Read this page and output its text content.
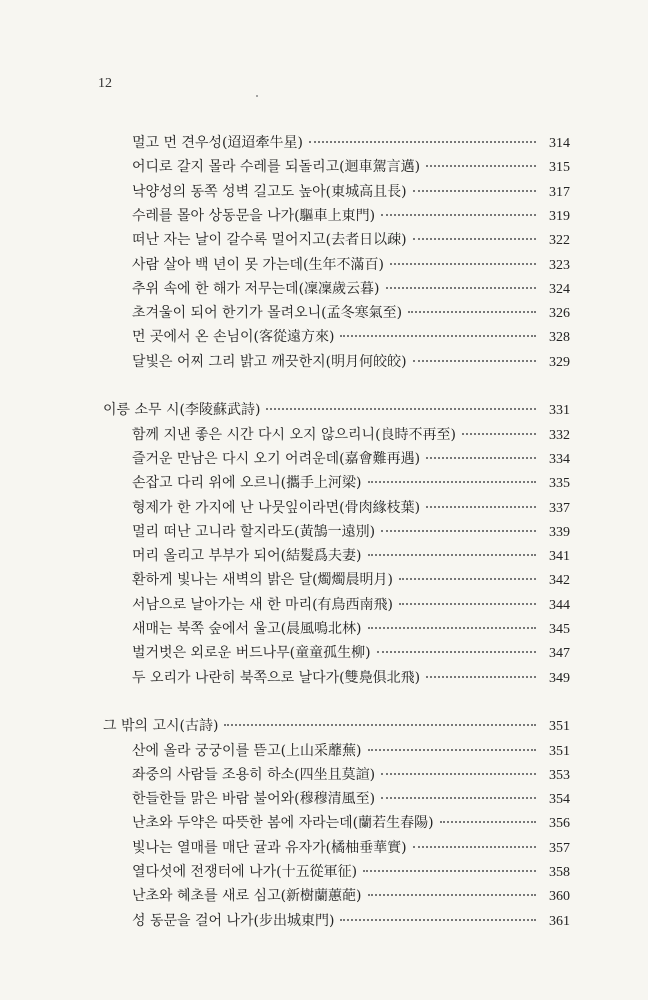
12
멀고 먼 견우성(迢迢牽牛星)	314
어디로 갈지 몰라 수레를 되돌리고(迴車駕言邁)	315
낙양성의 동쪽 성벽 길고도 높아(東城高且長)	317
수레를 몰아 상동문을 나가(驅車上東門)	319
떠난 자는 날이 갈수록 멀어지고(去者日以疎)	322
사람 살아 백 년이 못 가는데(生年不滿百)	323
추위 속에 한 해가 저무는데(凜凜歲云暮)	324
초겨울이 되어 한기가 몰려오니(孟冬寒氣至)	326
먼 곳에서 온 손님이(客從遠方來)	328
달빛은 어찌 그리 밝고 깨끗한지(明月何皎皎)	329
이릉 소무 시(李陵蘇武詩)	331
함께 지낸 좋은 시간 다시 오지 않으리니(良時不再至)	332
즐거운 만남은 다시 오기 어려운데(嘉會難再遇)	334
손잡고 다리 위에 오르니(攜手上河梁)	335
형제가 한 가지에 난 나뭇잎이라면(骨肉緣枝葉)	337
멀리 떠난 고니라 할지라도(黃鵠一遠別)	339
머리 올리고 부부가 되어(結髮爲夫妻)	341
환하게 빛나는 새벽의 밝은 달(燭燭晨明月)	342
서남으로 날아가는 새 한 마리(有鳥西南飛)	344
새매는 북쪽 숲에서 울고(晨風鳴北林)	345
벌거벗은 외로운 버드나무(童童孤生柳)	347
두 오리가 나란히 북쪽으로 날다가(雙鳧俱北飛)	349
그 밖의 고시(古詩)	351
산에 올라 궁궁이를 뜯고(上山采蘼蕪)	351
좌중의 사람들 조용히 하소(四坐且莫諠)	353
한들한들 맑은 바람 불어와(穆穆清風至)	354
난초와 두약은 따뜻한 봄에 자라는데(蘭若生春陽)	356
빛나는 열매를 매단 귤과 유자가(橘柚垂華實)	357
열다섯에 전쟁터에 나가(十五從軍征)	358
난초와 혜초를 새로 심고(新樹蘭蕙葩)	360
성 동문을 걸어 나가(步出城東門)	361
